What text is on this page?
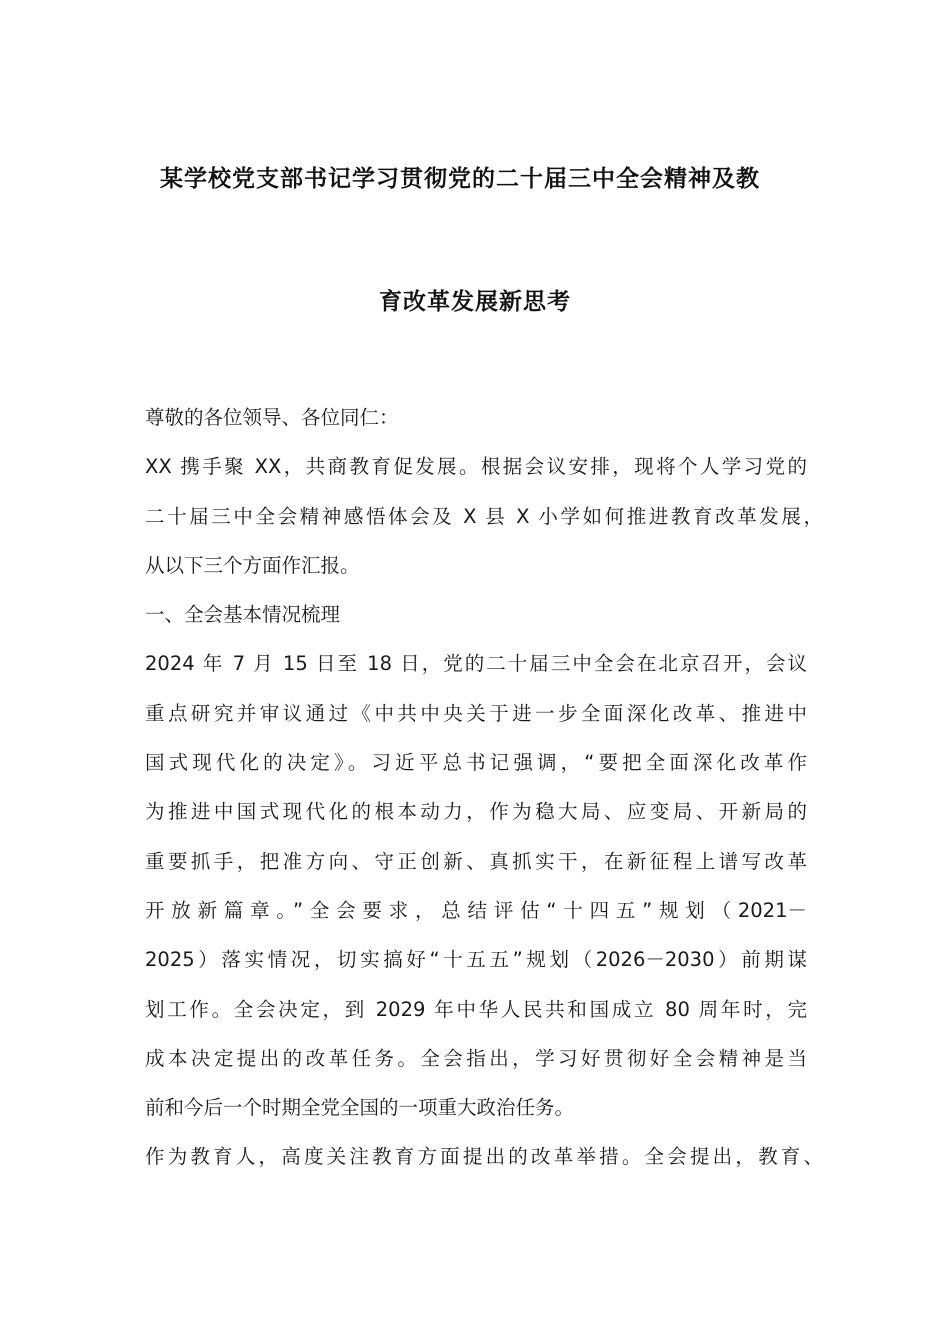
某学校党支部书记学习贯彻党的二十届三中全会精神及教
育改革发展新思考
尊敬的各位领导、各位同仁：
XX 携手聚 XX，共商教育促发展。根据会议安排，现将个人学习党的
二十届三中全会精神感悟体会及 X 县 X 小学如何推进教育改革发展，
从以下三个方面作汇报。
一、全会基本情况梳理
2024 年 7 月 15 日至 18 日，党的二十届三中全会在北京召开，会议
重点研究并审议通过《中共中央关于进一步全面深化改革、推进中
国式现代化的决定》。习近平总书记强调，“要把全面深化改革作
为推进中国式现代化的根本动力，作为稳大局、应变局、开新局的
重要抓手，把准方向、守正创新、真抓实干，在新征程上谱写改革
开放新篇章。”全会要求，总结评估“十四五”规划（2021－
2025）落实情况，切实搞好“十五五”规划（2026－2030）前期谋
划工作。全会决定，到 2029 年中华人民共和国成立 80 周年时，完
成本决定提出的改革任务。全会指出，学习好贯彻好全会精神是当
前和今后一个时期全党全国的一项重大政治任务。
作为教育人，高度关注教育方面提出的改革举措。全会提出，教育、
